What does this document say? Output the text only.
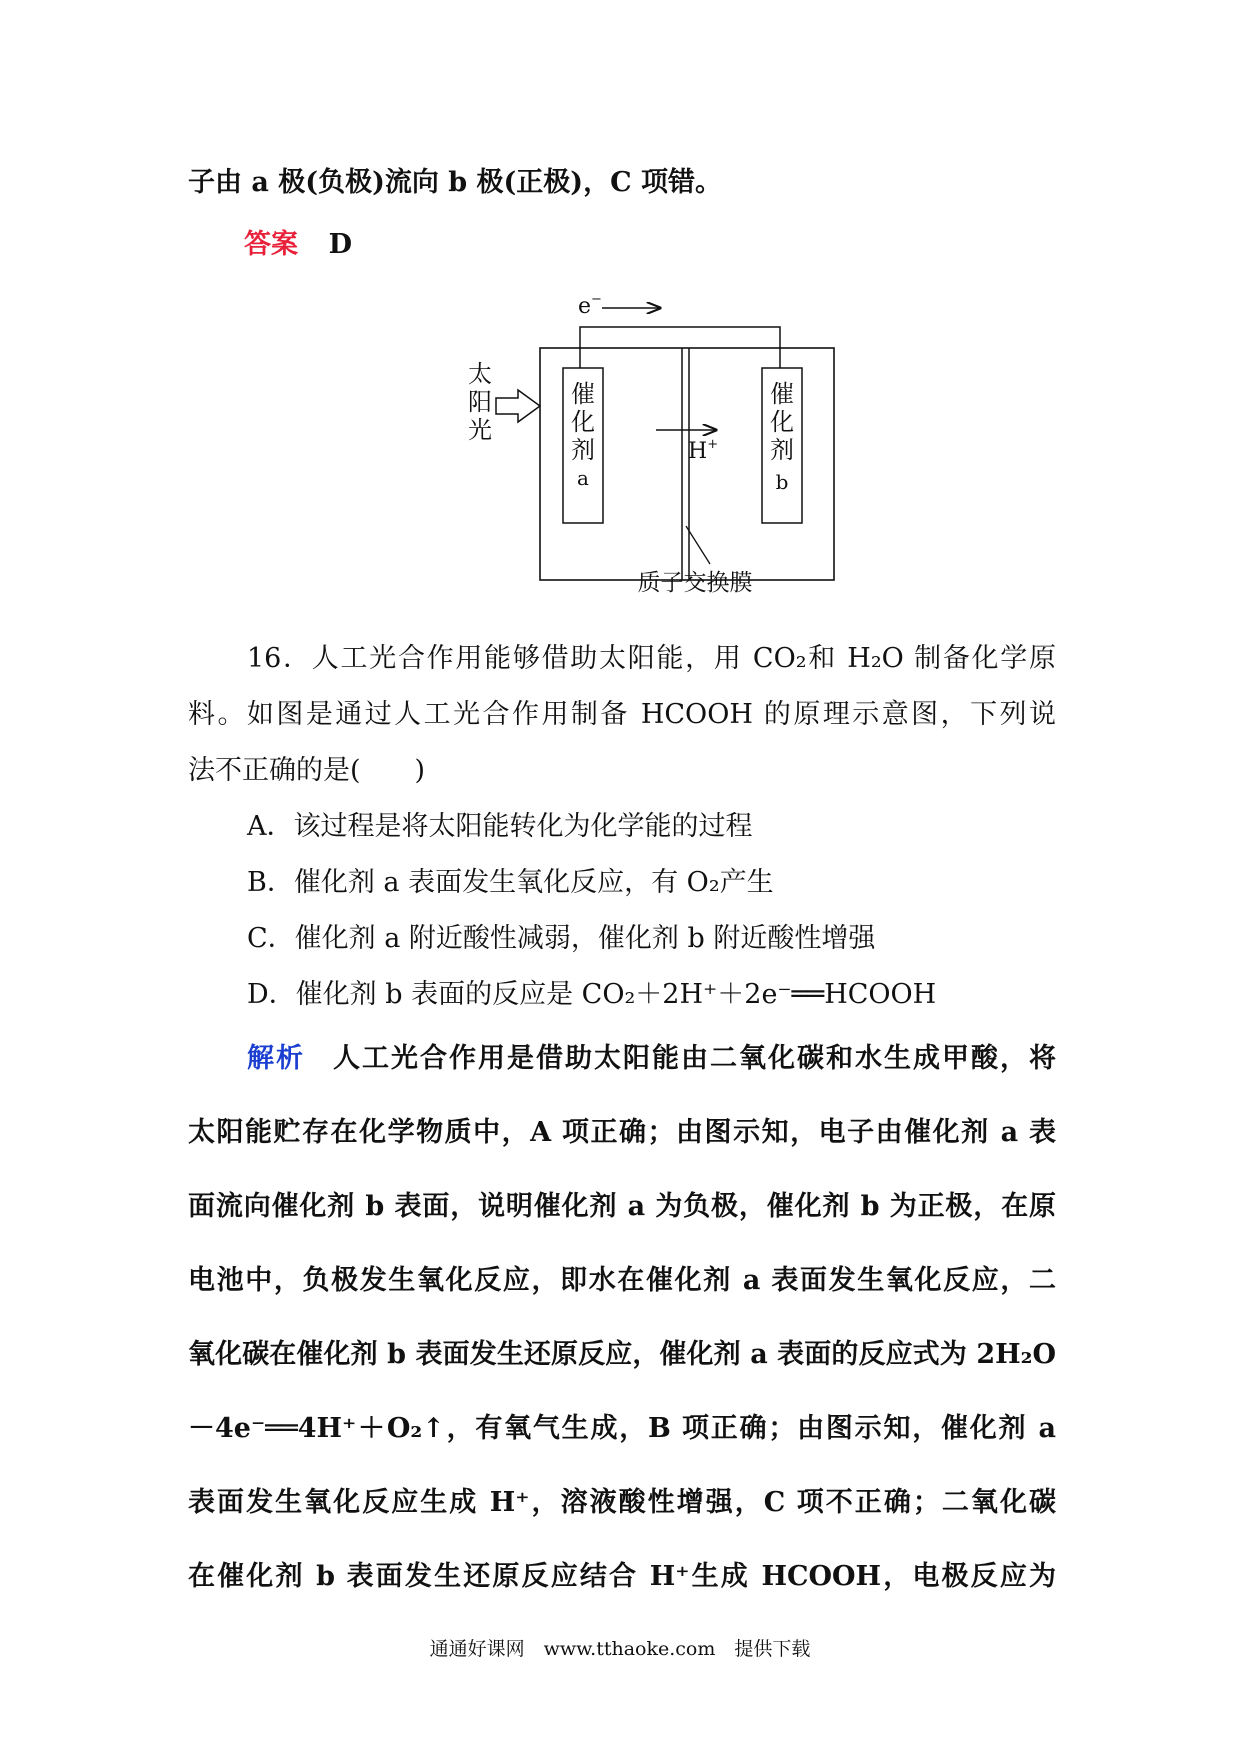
子由 a 极(负极)流向 b 极(正极)，C 项错。
答案 D
e−
催
化
剂
a
催
化
剂
b
太
阳
光
H+
质子交换膜
16．人工光合作用能够借助太阳能，用 CO₂和 H₂O 制备化学原
料。如图是通过人工光合作用制备 HCOOH 的原理示意图，下列说
法不正确的是(　　)
A．该过程是将太阳能转化为化学能的过程
B．催化剂 a 表面发生氧化反应，有 O₂产生
C．催化剂 a 附近酸性减弱，催化剂 b 附近酸性增强
D．催化剂 b 表面的反应是 CO₂＋2H⁺＋2e⁻══HCOOH
解析 人工光合作用是借助太阳能由二氧化碳和水生成甲酸，将
太阳能贮存在化学物质中，A 项正确；由图示知，电子由催化剂 a 表
面流向催化剂 b 表面，说明催化剂 a 为负极，催化剂 b 为正极，在原
电池中，负极发生氧化反应，即水在催化剂 a 表面发生氧化反应，二
氧化碳在催化剂 b 表面发生还原反应，催化剂 a 表面的反应式为 2H₂O
－4e⁻══4H⁺＋O₂↑，有氧气生成，B 项正确；由图示知，催化剂 a
表面发生氧化反应生成 H⁺，溶液酸性增强，C 项不正确；二氧化碳
在催化剂 b 表面发生还原反应结合 H⁺生成 HCOOH，电极反应为
通通好课网　www.tthaoke.com　提供下载
